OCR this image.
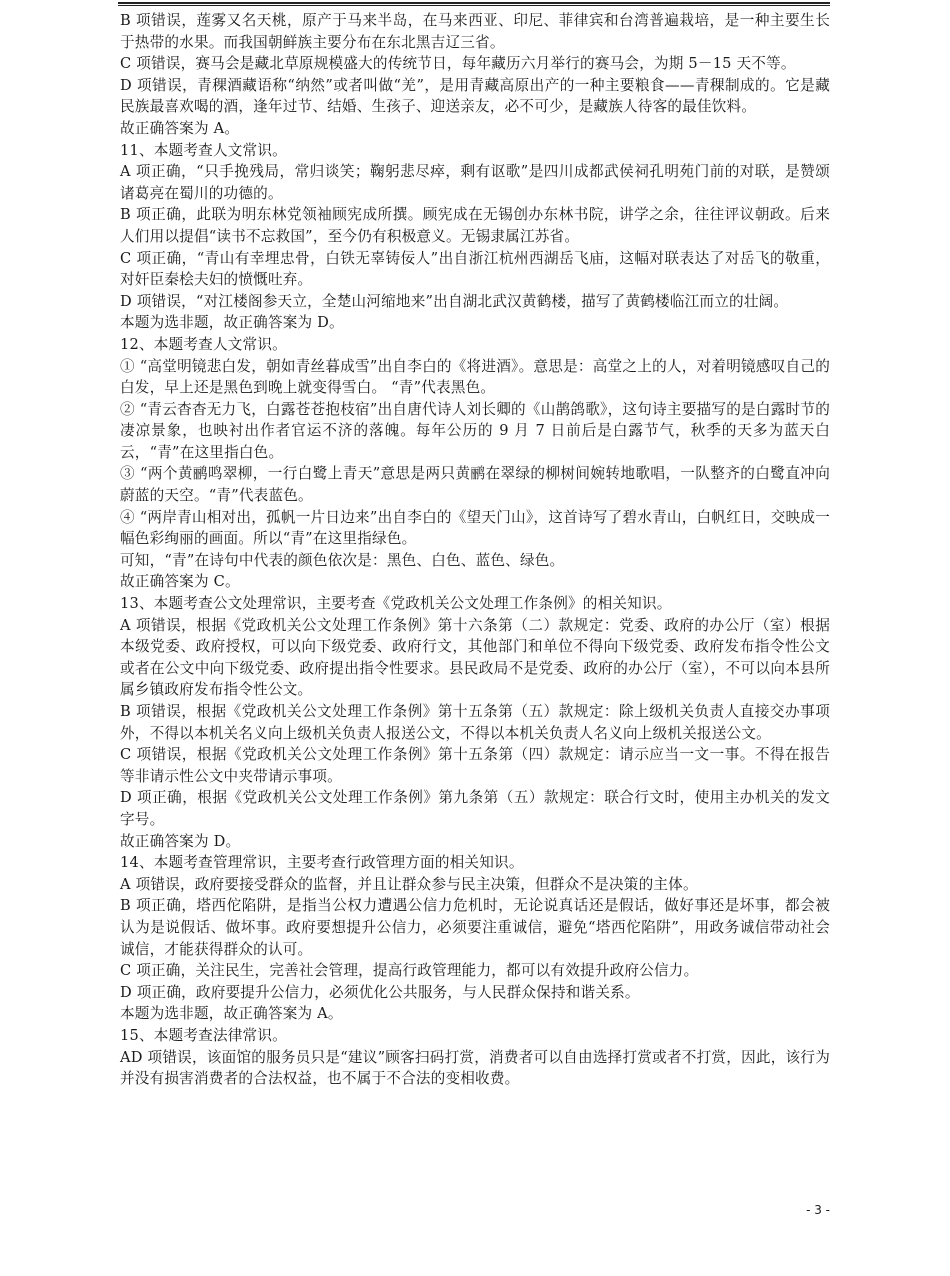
B 项错误，莲雾又名天桃，原产于马来半岛，在马来西亚、印尼、菲律宾和台湾普遍栽培，是一种主要生长于热带的水果。而我国朝鲜族主要分布在东北黑吉辽三省。

C 项错误，赛马会是藏北草原规模盛大的传统节日，每年藏历六月举行的赛马会，为期 5－15 天不等。

D 项错误，青稞酒藏语称“纳然”或者叫做“羌”，是用青藏高原出产的一种主要粮食——青稞制成的。它是藏民族最喜欢喝的酒，逢年过节、结婚、生孩子、迎送亲友，必不可少，是藏族人待客的最佳饮料。

故正确答案为 A。

11、本题考查人文常识。

A 项正确，“只手挽残局，常归谈笑；鞠躬悲尽瘁，剩有讴歌”是四川成都武侯祠孔明苑门前的对联，是赞颂诸葛亮在蜀川的功德的。

B 项正确，此联为明东林党领袖顾宪成所撰。顾宪成在无锡创办东林书院，讲学之余，往往评议朝政。后来人们用以提倡“读书不忘救国”，至今仍有积极意义。无锡隶属江苏省。

C 项正确，“青山有幸埋忠骨，白铁无辜铸佞人”出自浙江杭州西湖岳飞庙，这幅对联表达了对岳飞的敬重，对奸臣秦桧夫妇的愤慨吐弃。

D 项错误，“对江楼阁参天立，全楚山河缩地来”出自湖北武汉黄鹤楼，描写了黄鹤楼临江而立的壮阔。

本题为选非题，故正确答案为 D。

12、本题考查人文常识。

① “高堂明镜悲白发，朝如青丝暮成雪”出自李白的《将进酒》。意思是：高堂之上的人，对着明镜感叹自己的白发，早上还是黑色到晚上就变得雪白。 “青”代表黑色。

② “青云杳杳无力飞，白露苍苍抱枝宿”出自唐代诗人刘长卿的《山鹊鸽歌》，这句诗主要描写的是白露时节的凄凉景象，也映衬出作者官运不济的落魄。每年公历的 9 月 7 日前后是白露节气，秋季的天多为蓝天白云，“青”在这里指白色。

③ “两个黄鹂鸣翠柳，一行白鹭上青天”意思是两只黄鹂在翠绿的柳树间婉转地歌唱，一队整齐的白鹭直冲向蔚蓝的天空。“青”代表蓝色。

④ “两岸青山相对出，孤帆一片日边来”出自李白的《望天门山》，这首诗写了碧水青山，白帆红日，交映成一幅色彩绚丽的画面。所以“青”在这里指绿色。

可知，“青”在诗句中代表的颜色依次是：黑色、白色、蓝色、绿色。

故正确答案为 C。

13、本题考查公文处理常识，主要考查《党政机关公文处理工作条例》的相关知识。

A 项错误，根据《党政机关公文处理工作条例》第十六条第（二）款规定：党委、政府的办公厅（室）根据本级党委、政府授权，可以向下级党委、政府行文，其他部门和单位不得向下级党委、政府发布指令性公文或者在公文中向下级党委、政府提出指令性要求。县民政局不是党委、政府的办公厅（室），不可以向本县所属乡镇政府发布指令性公文。

B 项错误，根据《党政机关公文处理工作条例》第十五条第（五）款规定：除上级机关负责人直接交办事项外，不得以本机关名义向上级机关负责人报送公文，不得以本机关负责人名义向上级机关报送公文。

C 项错误，根据《党政机关公文处理工作条例》第十五条第（四）款规定：请示应当一文一事。不得在报告等非请示性公文中夹带请示事项。

D 项正确，根据《党政机关公文处理工作条例》第九条第（五）款规定：联合行文时，使用主办机关的发文字号。

故正确答案为 D。

14、本题考查管理常识，主要考查行政管理方面的相关知识。

A 项错误，政府要接受群众的监督，并且让群众参与民主决策，但群众不是决策的主体。

B 项正确，塔西佗陷阱，是指当公权力遭遇公信力危机时，无论说真话还是假话，做好事还是坏事，都会被认为是说假话、做坏事。政府要想提升公信力，必须要注重诚信，避免“塔西佗陷阱”，用政务诚信带动社会诚信，才能获得群众的认可。

C 项正确，关注民生，完善社会管理，提高行政管理能力，都可以有效提升政府公信力。

D 项正确，政府要提升公信力，必须优化公共服务，与人民群众保持和谐关系。

本题为选非题，故正确答案为 A。

15、本题考查法律常识。

AD 项错误，该面馆的服务员只是“建议”顾客扫码打赏，消费者可以自由选择打赏或者不打赏，因此，该行为并没有损害消费者的合法权益，也不属于不合法的变相收费。

- 3 -
